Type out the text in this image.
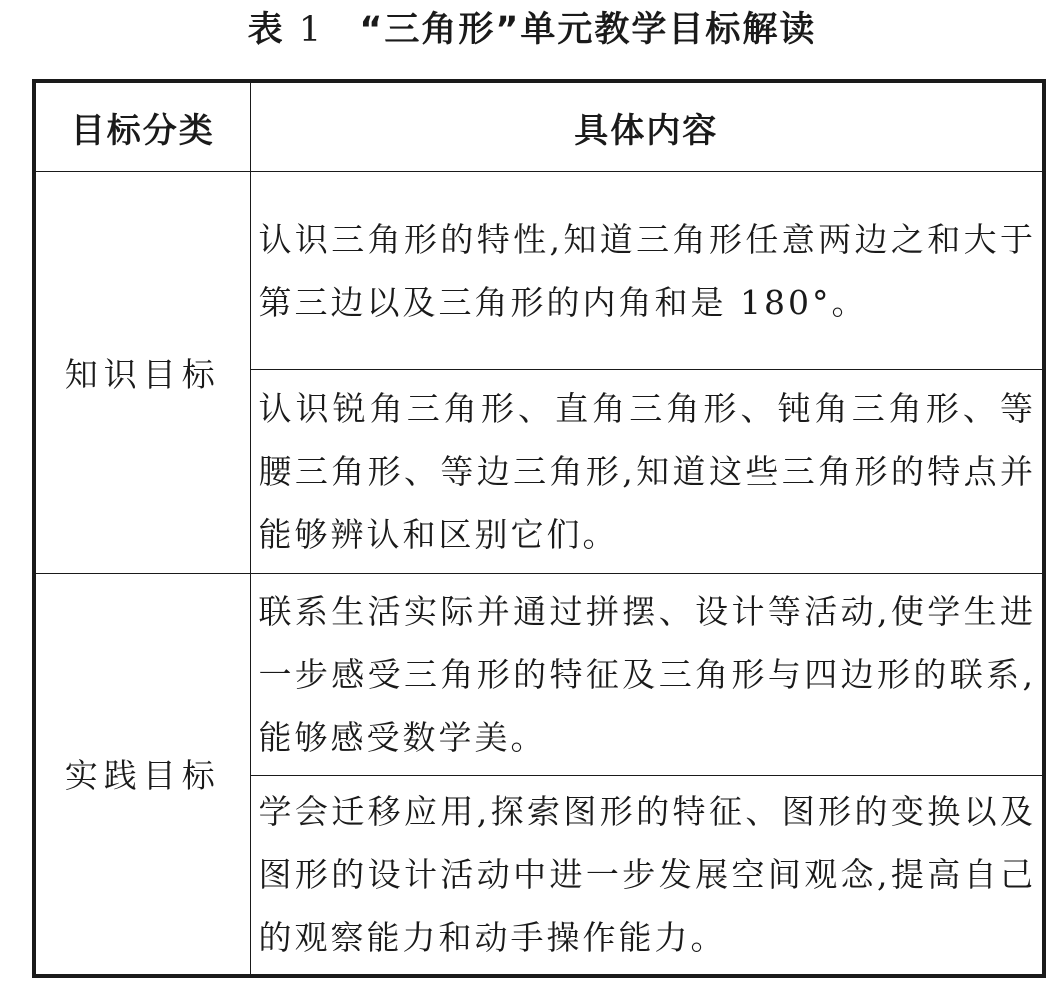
表 1 “三角形”单元教学目标解读
目标分类	具体内容
知识目标	认识三角形的特性,知道三角形任意两边之和大于第三边以及三角形的内角和是 180°。
	认识锐角三角形、直角三角形、钝角三角形、等腰三角形、等边三角形,知道这些三角形的特点并能够辨认和区别它们。
实践目标	联系生活实际并通过拼摆、设计等活动,使学生进一步感受三角形的特征及三角形与四边形的联系,能够感受数学美。
	学会迁移应用,探索图形的特征、图形的变换以及图形的设计活动中进一步发展空间观念,提高自己的观察能力和动手操作能力。
